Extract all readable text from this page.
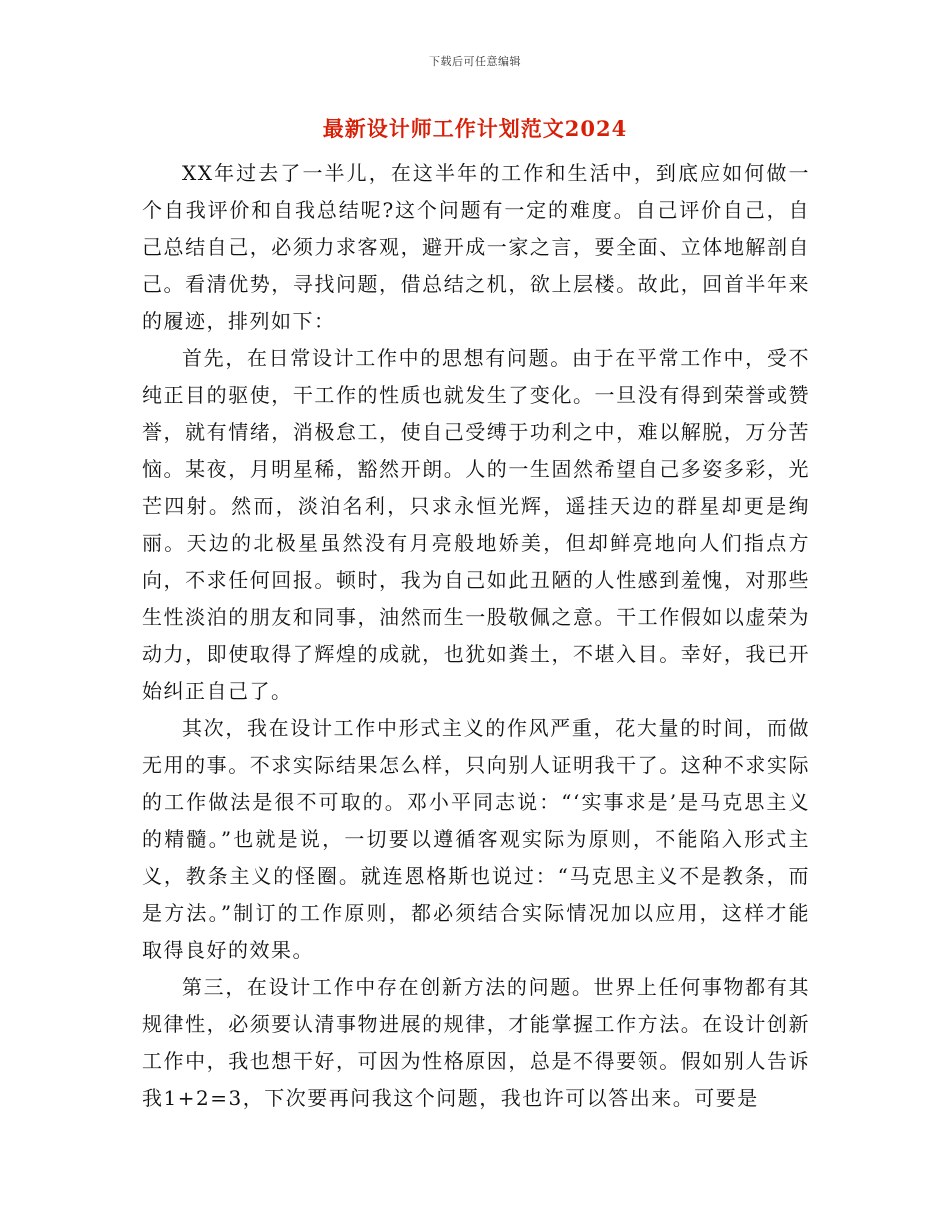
下载后可任意编辑
最新设计师工作计划范文2024

XX年过去了一半儿，在这半年的工作和生活中，到底应如何做一个自我评价和自我总结呢?这个问题有一定的难度。自己评价自己，自己总结自己，必须力求客观，避开成一家之言，要全面、立体地解剖自己。看清优势，寻找问题，借总结之机，欲上层楼。故此，回首半年来的履迹，排列如下：

首先，在日常设计工作中的思想有问题。由于在平常工作中，受不纯正目的驱使，干工作的性质也就发生了变化。一旦没有得到荣誉或赞誉，就有情绪，消极怠工，使自己受缚于功利之中，难以解脱，万分苦恼。某夜，月明星稀，豁然开朗。人的一生固然希望自己多姿多彩，光芒四射。然而，淡泊名利，只求永恒光辉，遥挂天边的群星却更是绚丽。天边的北极星虽然没有月亮般地娇美，但却鲜亮地向人们指点方向，不求任何回报。顿时，我为自己如此丑陋的人性感到羞愧，对那些生性淡泊的朋友和同事，油然而生一股敬佩之意。干工作假如以虚荣为动力，即使取得了辉煌的成就，也犹如粪土，不堪入目。幸好，我已开始纠正自己了。

其次，我在设计工作中形式主义的作风严重，花大量的时间，而做无用的事。不求实际结果怎么样，只向别人证明我干了。这种不求实际的工作做法是很不可取的。邓小平同志说：“‘实事求是’是马克思主义的精髓。”也就是说，一切要以遵循客观实际为原则，不能陷入形式主义，教条主义的怪圈。就连恩格斯也说过：“马克思主义不是教条，而是方法。”制订的工作原则，都必须结合实际情况加以应用，这样才能取得良好的效果。

第三，在设计工作中存在创新方法的问题。世界上任何事物都有其规律性，必须要认清事物进展的规律，才能掌握工作方法。在设计创新工作中，我也想干好，可因为性格原因，总是不得要领。假如别人告诉我1+2=3，下次要再问我这个问题，我也许可以答出来。可要是
